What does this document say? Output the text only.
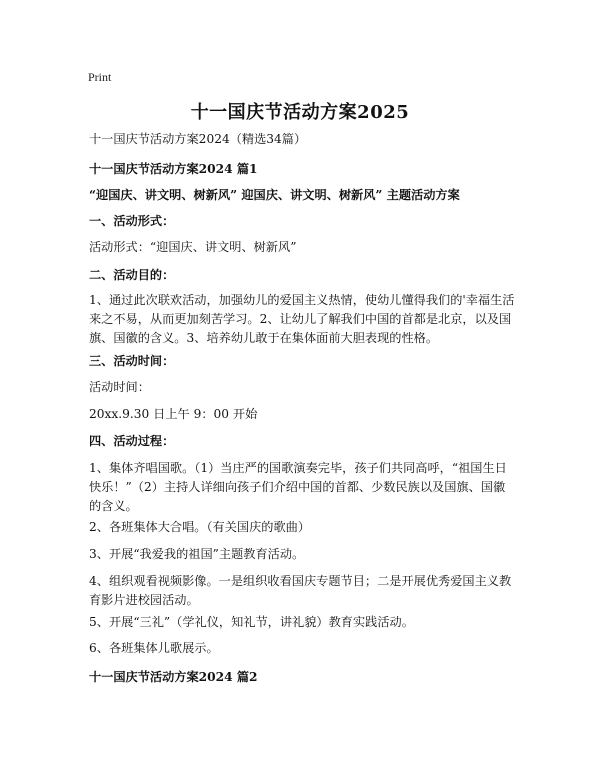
Print
十一国庆节活动方案2025
十一国庆节活动方案2024（精选34篇）
十一国庆节活动方案2024 篇1
“迎国庆、讲文明、树新风” 迎国庆、讲文明、树新风” 主题活动方案
一、活动形式：
活动形式：“迎国庆、讲文明、树新风”
二、活动目的：
1、通过此次联欢活动，加强幼儿的爱国主义热情，使幼儿懂得我们的'幸福生活来之不易，从而更加刻苦学习。2、让幼儿了解我们中国的首都是北京，以及国旗、国徽的含义。3、培养幼儿敢于在集体面前大胆表现的性格。
三、活动时间：
活动时间：
20xx.9.30 日上午 9：00 开始
四、活动过程：
1、集体齐唱国歌。（1）当庄严的国歌演奏完毕，孩子们共同高呼，“祖国生日快乐！”（2）主持人详细向孩子们介绍中国的首都、少数民族以及国旗、国徽的含义。
2、各班集体大合唱。（有关国庆的歌曲）
3、开展“我爱我的祖国”主题教育活动。
4、组织观看视频影像。一是组织收看国庆专题节目；二是开展优秀爱国主义教育影片进校园活动。
5、开展“三礼”（学礼仪，知礼节，讲礼貌）教育实践活动。
6、各班集体儿歌展示。
十一国庆节活动方案2024 篇2
